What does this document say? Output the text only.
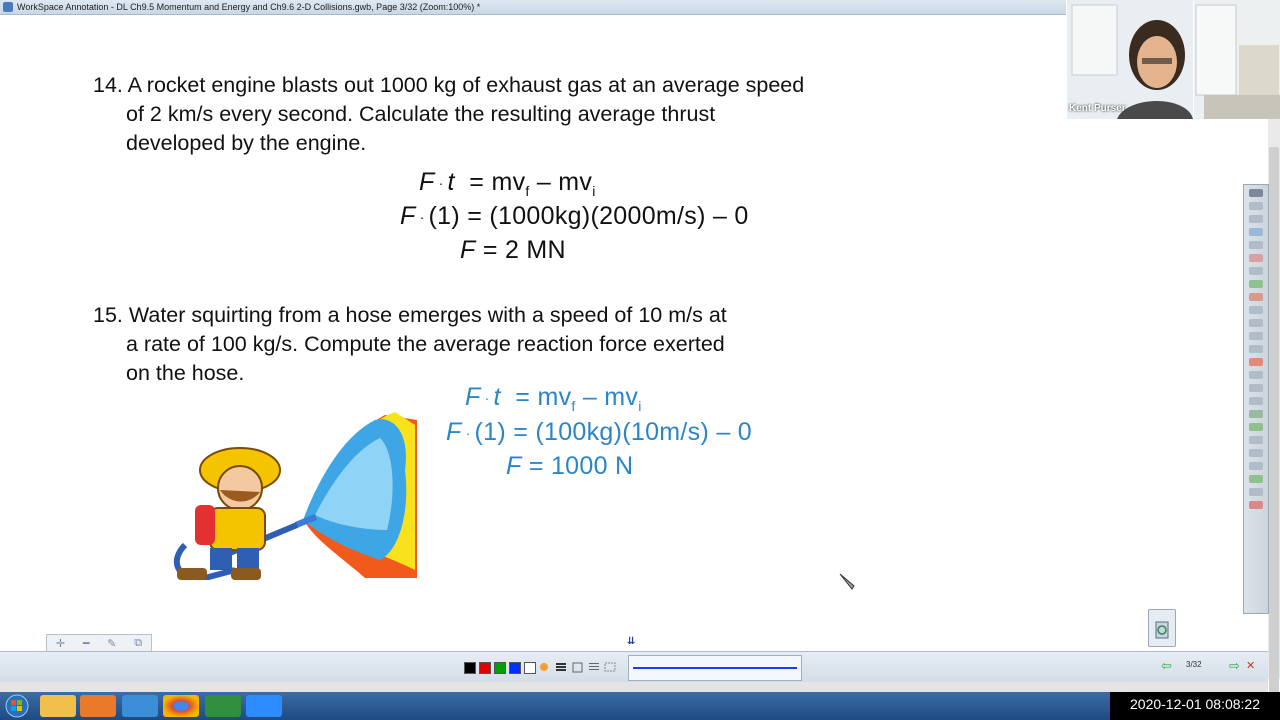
WorkSpace Annotation - DL Ch9.5 Momentum and Energy and Ch9.6 2-D Collisions.gwb, Page 3/32 (Zoom:100%) *
14. A rocket engine blasts out 1000 kg of exhaust gas at an average speed
of 2 km/s every second. Calculate the resulting average thrust
developed by the engine.
$F \cdot t = mv_f - mv_i$
F · (1) = (1000kg)(2000m/s) – 0
F = 2 MN
15. Water squirting from a hose emerges with a speed of 10 m/s at
a rate of 100 kg/s. Compute the average reaction force exerted
on the hose.
$F \cdot t = mv_f - mv_i$
F · (1) = (100kg)(10m/s) – 0
F = 1000 N
Kent Purser
✛ ━ ✎ ⧉	⇊
⇦ 3/32 ⇨ ✕
2020-12-01 08:08:22
